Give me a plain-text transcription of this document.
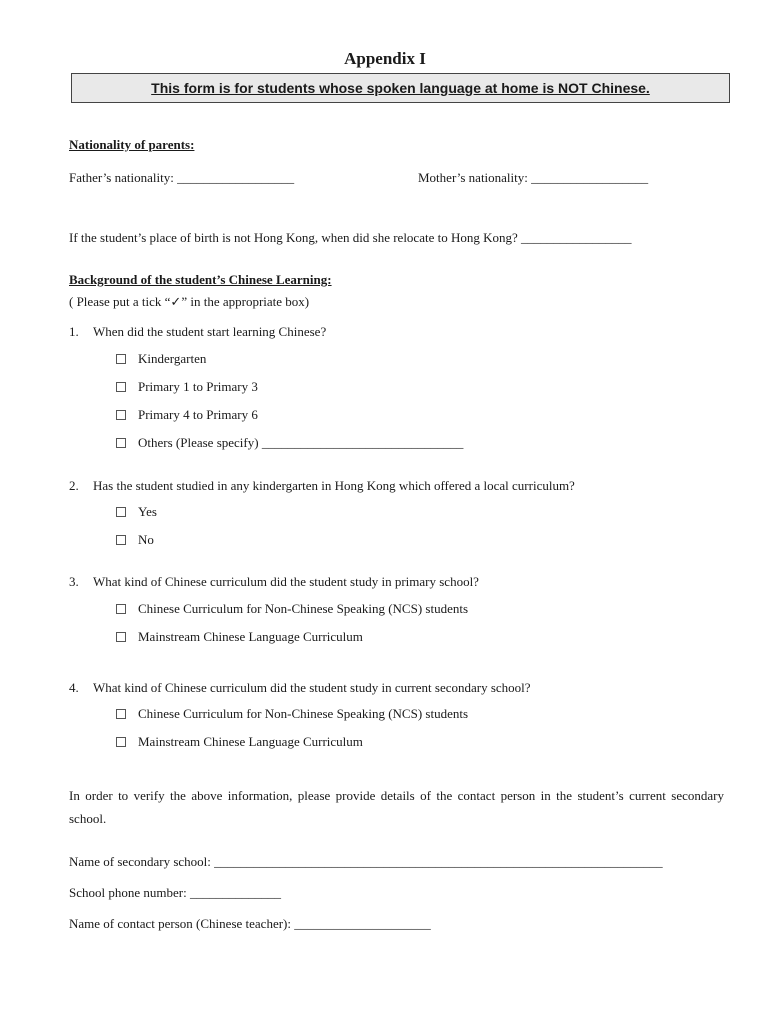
Appendix I
This form is for students whose spoken language at home is NOT Chinese.
Nationality of parents:
Father’s nationality: __________________	Mother’s nationality: __________________
If the student’s place of birth is not Hong Kong, when did she relocate to Hong Kong? _________________
Background of the student’s Chinese Learning:
( Please put a tick “✓” in the appropriate box)
1. When did the student start learning Chinese?
Kindergarten
Primary 1 to Primary 3
Primary 4 to Primary 6
Others (Please specify) _______________________________
2. Has the student studied in any kindergarten in Hong Kong which offered a local curriculum?
Yes
No
3. What kind of Chinese curriculum did the student study in primary school?
Chinese Curriculum for Non-Chinese Speaking (NCS) students
Mainstream Chinese Language Curriculum
4. What kind of Chinese curriculum did the student study in current secondary school?
Chinese Curriculum for Non-Chinese Speaking (NCS) students
Mainstream Chinese Language Curriculum
In order to verify the above information, please provide details of the contact person in the student’s current secondary school.
Name of secondary school: _____________________________________________________________________
School phone number: ______________
Name of contact person (Chinese teacher): _____________________
